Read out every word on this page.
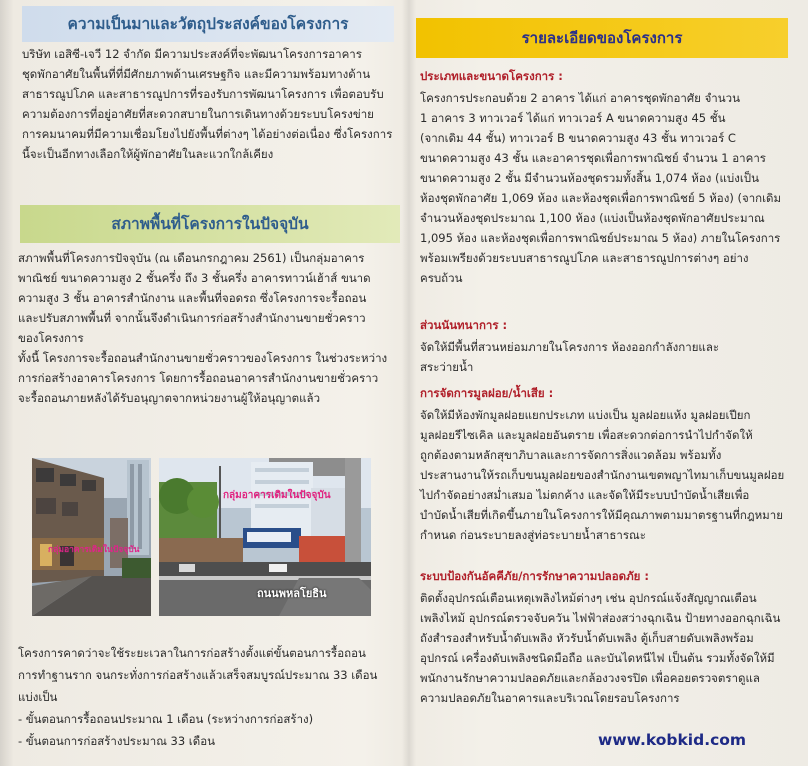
ความเป็นมาและวัตถุประสงค์ของโครงการ
บริษัท เอสิซี-เจวี 12 จำกัด มีความประสงค์ที่จะพัฒนาโครงการอาคาร
ชุดพักอาศัยในพื้นที่ที่มีศักยภาพด้านเศรษฐกิจ และมีความพร้อมทางด้าน
สาธารณูปโภค และสาธารณูปการที่รองรับการพัฒนาโครงการ เพื่อตอบรับ
ความต้องการที่อยู่อาศัยที่สะดวกสบายในการเดินทางด้วยระบบโครงข่าย
การคมนาคมที่มีความเชื่อมโยงไปยังพื้นที่ต่างๆ ได้อย่างต่อเนื่อง ซึ่งโครงการ
นี้จะเป็นอีกทางเลือกให้ผู้พักอาศัยในละแวกใกล้เคียง
สภาพพื้นที่โครงการในปัจจุบัน
สภาพพื้นที่โครงการปัจจุบัน (ณ เดือนกรกฎาคม 2561) เป็นกลุ่มอาคาร
พาณิชย์ ขนาดความสูง 2 ชั้นครึ่ง ถึง 3 ชั้นครึ่ง อาคารทาวน์เฮ้าส์ ขนาด
ความสูง 3 ชั้น อาคารสำนักงาน และพื้นที่จอดรถ ซึ่งโครงการจะรื้อถอน
และปรับสภาพพื้นที่ จากนั้นจึงดำเนินการก่อสร้างสำนักงานขายชั่วคราว
ของโครงการ
ทั้งนี้ โครงการจะรื้อถอนสำนักงานขายชั่วคราวของโครงการ ในช่วงระหว่าง
การก่อสร้างอาคารโครงการ โดยการรื้อถอนอาคารสำนักงานขายชั่วคราว
จะรื้อถอนภายหลังได้รับอนุญาตจากหน่วยงานผู้ให้อนุญาตแล้ว
กลุ่มอาคารเดิมในปัจจุบัน
กลุ่มอาคารเดิมในปัจจุบัน
ถนนพหลโยธิน
โครงการคาดว่าจะใช้ระยะเวลาในการก่อสร้างตั้งแต่ขั้นตอนการรื้อถอน
การทำฐานราก จนกระทั่งการก่อสร้างแล้วเสร็จสมบูรณ์ประมาณ 33 เดือน
แบ่งเป็น
- ขั้นตอนการรื้อถอนประมาณ 1 เดือน (ระหว่างการก่อสร้าง)
- ขั้นตอนการก่อสร้างประมาณ 33 เดือน
รายละเอียดของโครงการ
ประเภทและขนาดโครงการ :
โครงการประกอบด้วย 2 อาคาร ได้แก่ อาคารชุดพักอาศัย จำนวน
1 อาคาร 3 ทาวเวอร์ ได้แก่ ทาวเวอร์ A ขนาดความสูง 45 ชั้น
(จากเดิม 44 ชั้น) ทาวเวอร์ B ขนาดความสูง 43 ชั้น ทาวเวอร์ C
ขนาดความสูง 43 ชั้น และอาคารชุดเพื่อการพาณิชย์ จำนวน 1 อาคาร
ขนาดความสูง 2 ชั้น มีจำนวนห้องชุดรวมทั้งสิ้น 1,074 ห้อง (แบ่งเป็น
ห้องชุดพักอาศัย 1,069 ห้อง และห้องชุดเพื่อการพาณิชย์ 5 ห้อง) (จากเดิม
จำนวนห้องชุดประมาณ 1,100 ห้อง (แบ่งเป็นห้องชุดพักอาศัยประมาณ
1,095 ห้อง และห้องชุดเพื่อการพาณิชย์ประมาณ 5 ห้อง) ภายในโครงการ
พร้อมเพรียงด้วยระบบสาธารณูปโภค และสาธารณูปการต่างๆ อย่าง
ครบถ้วน
ส่วนนันทนาการ :
จัดให้มีพื้นที่สวนหย่อมภายในโครงการ ห้องออกกำลังกายและ
สระว่ายน้ำ
การจัดการมูลฝอย/น้ำเสีย :
จัดให้มีห้องพักมูลฝอยแยกประเภท แบ่งเป็น มูลฝอยแห้ง มูลฝอยเปียก
มูลฝอยรีไซเคิล และมูลฝอยอันตราย เพื่อสะดวกต่อการนำไปกำจัดให้
ถูกต้องตามหลักสุขาภิบาลและการจัดการสิ่งแวดล้อม พร้อมทั้ง
ประสานงานให้รถเก็บขนมูลฝอยของสำนักงานเขตพญาไทมาเก็บขนมูลฝอย
ไปกำจัดอย่างสม่ำเสมอ ไม่ตกค้าง และจัดให้มีระบบบำบัดน้ำเสียเพื่อ
บำบัดน้ำเสียที่เกิดขึ้นภายในโครงการให้มีคุณภาพตามมาตรฐานที่กฎหมาย
กำหนด ก่อนระบายลงสู่ท่อระบายน้ำสาธารณะ
ระบบป้องกันอัคคีภัย/การรักษาความปลอดภัย :
ติดตั้งอุปกรณ์เตือนเหตุเพลิงไหม้ต่างๆ เช่น อุปกรณ์แจ้งสัญญาณเตือน
เพลิงไหม้ อุปกรณ์ตรวจจับควัน ไฟฟ้าส่องสว่างฉุกเฉิน ป้ายทางออกฉุกเฉิน
ถังสำรองสำหรับน้ำดับเพลิง หัวรับน้ำดับเพลิง ตู้เก็บสายดับเพลิงพร้อม
อุปกรณ์ เครื่องดับเพลิงชนิดมือถือ และบันไดหนีไฟ เป็นต้น รวมทั้งจัดให้มี
พนักงานรักษาความปลอดภัยและกล้องวงจรปิด เพื่อคอยตรวจตราดูแล
ความปลอดภัยในอาคารและบริเวณโดยรอบโครงการ
www.kobkid.com
